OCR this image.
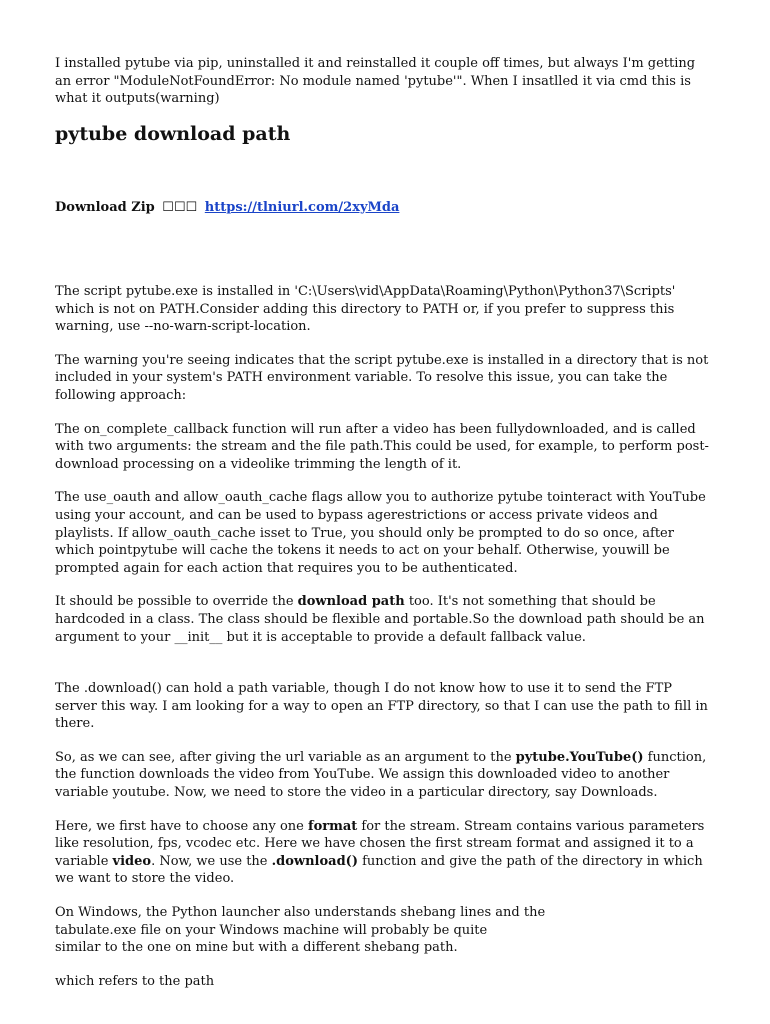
I installed pytube via pip, uninstalled it and reinstalled it couple off times, but always I'm getting an error "ModuleNotFoundError: No module named 'pytube'". When I insatlled it via cmd this is what it outputs(warning)

pytube download path
Download Zip ☐☐☐ https://tlniurl.com/2xyMda

The script pytube.exe is installed in 'C:\Users\vid\AppData\Roaming\Python\Python37\Scripts' which is not on PATH.Consider adding this directory to PATH or, if you prefer to suppress this warning, use --no-warn-script-location.

The warning you're seeing indicates that the script pytube.exe is installed in a directory that is not included in your system's PATH environment variable. To resolve this issue, you can take the following approach:

The on_complete_callback function will run after a video has been fullydownloaded, and is called with two arguments: the stream and the file path.This could be used, for example, to perform post-download processing on a videolike trimming the length of it.

The use_oauth and allow_oauth_cache flags allow you to authorize pytube tointeract with YouTube using your account, and can be used to bypass agerestrictions or access private videos and playlists. If allow_oauth_cache isset to True, you should only be prompted to do so once, after which pointpytube will cache the tokens it needs to act on your behalf. Otherwise, youwill be prompted again for each action that requires you to be authenticated.

It should be possible to override the download path too. It's not something that should be hardcoded in a class. The class should be flexible and portable.So the download path should be an argument to your __init__ but it is acceptable to provide a default fallback value.

The .download() can hold a path variable, though I do not know how to use it to send the FTP server this way. I am looking for a way to open an FTP directory, so that I can use the path to fill in there.

So, as we can see, after giving the url variable as an argument to the pytube.YouTube() function, the function downloads the video from YouTube. We assign this downloaded video to another variable youtube. Now, we need to store the video in a particular directory, say Downloads.

Here, we first have to choose any one format for the stream. Stream contains various parameters like resolution, fps, vcodec etc. Here we have chosen the first stream format and assigned it to a variable video. Now, we use the .download() function and give the path of the directory in which we want to store the video.

On Windows, the Python launcher also understands shebang lines and the
tabulate.exe file on your Windows machine will probably be quite
similar to the one on mine but with a different shebang path.

which refers to the path
